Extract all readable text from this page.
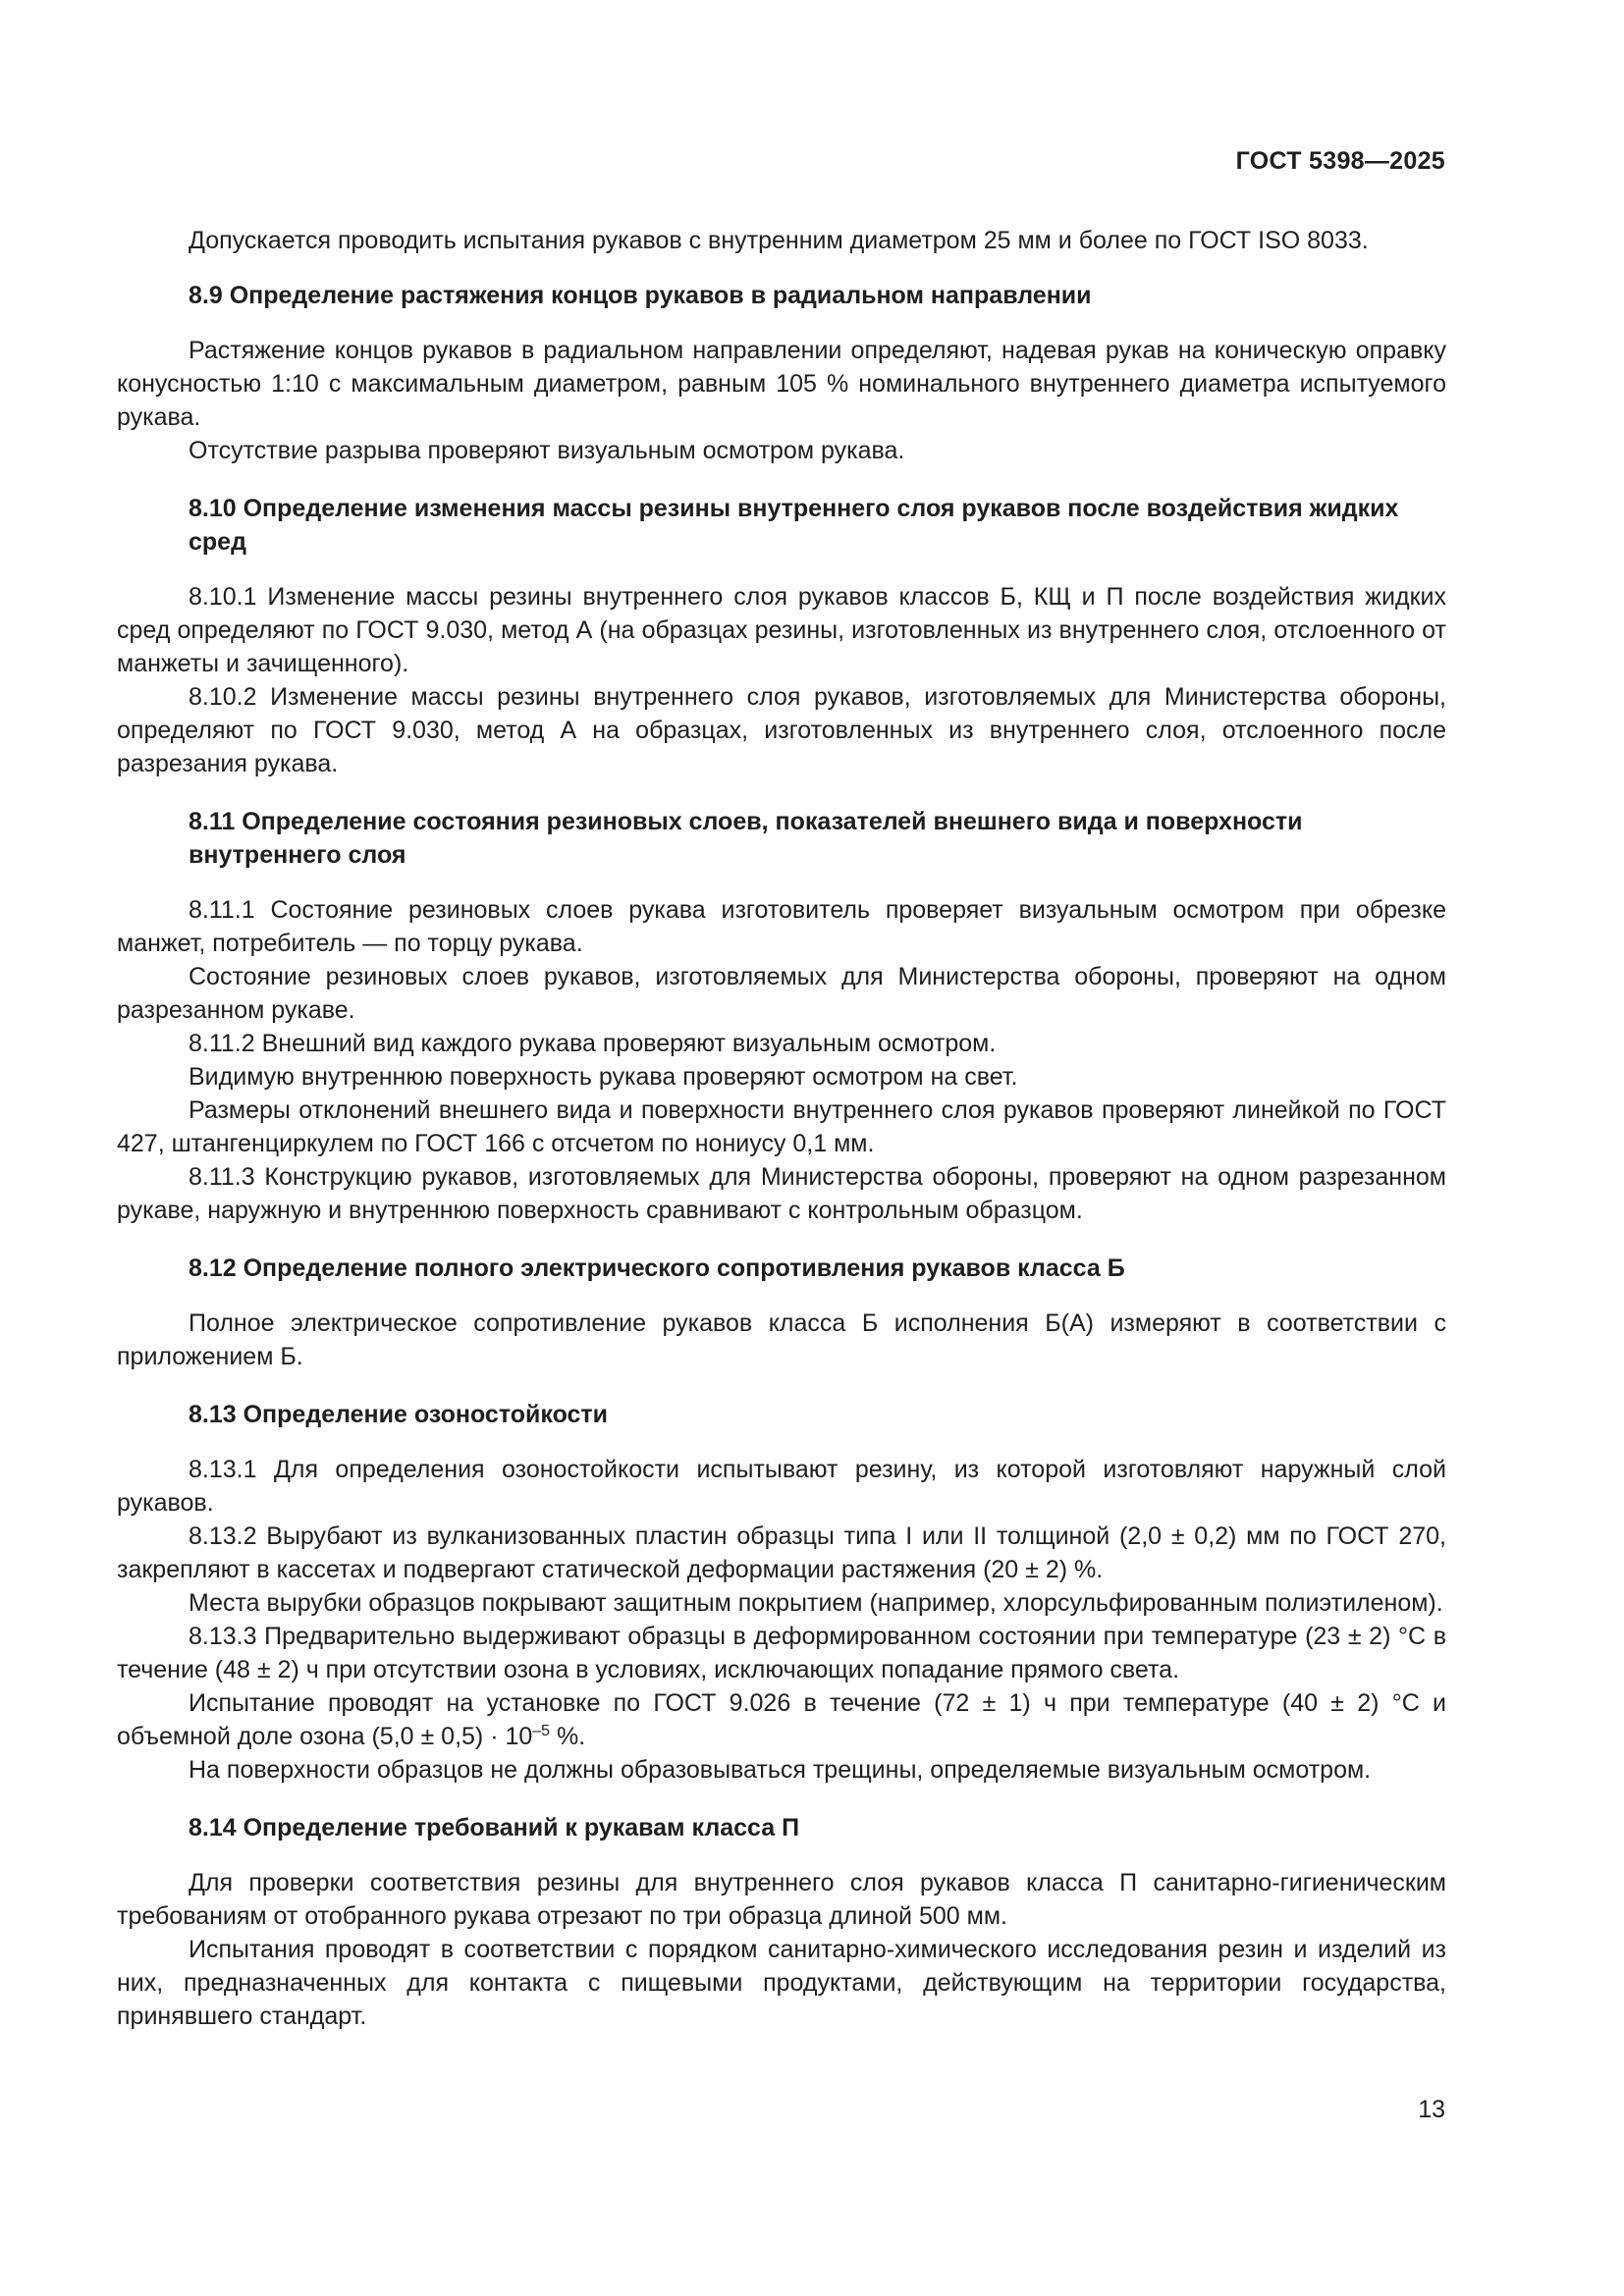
ГОСТ 5398—2025

Допускается проводить испытания рукавов с внутренним диаметром 25 мм и более по ГОСТ ISO 8033.

8.9 Определение растяжения концов рукавов в радиальном направлении

Растяжение концов рукавов в радиальном направлении определяют, надевая рукав на коническую оправку конусностью 1:10 с максимальным диаметром, равным 105 % номинального внутреннего диаметра испытуемого рукава.

Отсутствие разрыва проверяют визуальным осмотром рукава.

8.10 Определение изменения массы резины внутреннего слоя рукавов после воздействия жидких сред

8.10.1 Изменение массы резины внутреннего слоя рукавов классов Б, КЩ и П после воздействия жидких сред определяют по ГОСТ 9.030, метод А (на образцах резины, изготовленных из внутреннего слоя, отслоенного от манжеты и зачищенного).

8.10.2 Изменение массы резины внутреннего слоя рукавов, изготовляемых для Министерства обороны, определяют по ГОСТ 9.030, метод А на образцах, изготовленных из внутреннего слоя, отслоенного после разрезания рукава.

8.11 Определение состояния резиновых слоев, показателей внешнего вида и поверхности внутреннего слоя

8.11.1 Состояние резиновых слоев рукава изготовитель проверяет визуальным осмотром при обрезке манжет, потребитель — по торцу рукава.

Состояние резиновых слоев рукавов, изготовляемых для Министерства обороны, проверяют на одном разрезанном рукаве.

8.11.2 Внешний вид каждого рукава проверяют визуальным осмотром.

Видимую внутреннюю поверхность рукава проверяют осмотром на свет.

Размеры отклонений внешнего вида и поверхности внутреннего слоя рукавов проверяют линейкой по ГОСТ 427, штангенциркулем по ГОСТ 166 с отсчетом по нониусу 0,1 мм.

8.11.3 Конструкцию рукавов, изготовляемых для Министерства обороны, проверяют на одном разрезанном рукаве, наружную и внутреннюю поверхность сравнивают с контрольным образцом.

8.12 Определение полного электрического сопротивления рукавов класса Б

Полное электрическое сопротивление рукавов класса Б исполнения Б(А) измеряют в соответствии с приложением Б.

8.13 Определение озоностойкости

8.13.1 Для определения озоностойкости испытывают резину, из которой изготовляют наружный слой рукавов.

8.13.2 Вырубают из вулканизованных пластин образцы типа I или II толщиной (2,0 ± 0,2) мм по ГОСТ 270, закрепляют в кассетах и подвергают статической деформации растяжения (20 ± 2) %.

Места вырубки образцов покрывают защитным покрытием (например, хлорсульфированным полиэтиленом).

8.13.3 Предварительно выдерживают образцы в деформированном состоянии при температуре (23 ± 2) °С в течение (48 ± 2) ч при отсутствии озона в условиях, исключающих попадание прямого света.

Испытание проводят на установке по ГОСТ 9.026 в течение (72 ± 1) ч при температуре (40 ± 2) °С и объемной доле озона $(5,0 \pm 0,5) \cdot 10^{-5}$ %.

На поверхности образцов не должны образовываться трещины, определяемые визуальным осмотром.

8.14 Определение требований к рукавам класса П

Для проверки соответствия резины для внутреннего слоя рукавов класса П санитарно-гигиеническим требованиям от отобранного рукава отрезают по три образца длиной 500 мм.

Испытания проводят в соответствии с порядком санитарно-химического исследования резин и изделий из них, предназначенных для контакта с пищевыми продуктами, действующим на территории государства, принявшего стандарт.

13
